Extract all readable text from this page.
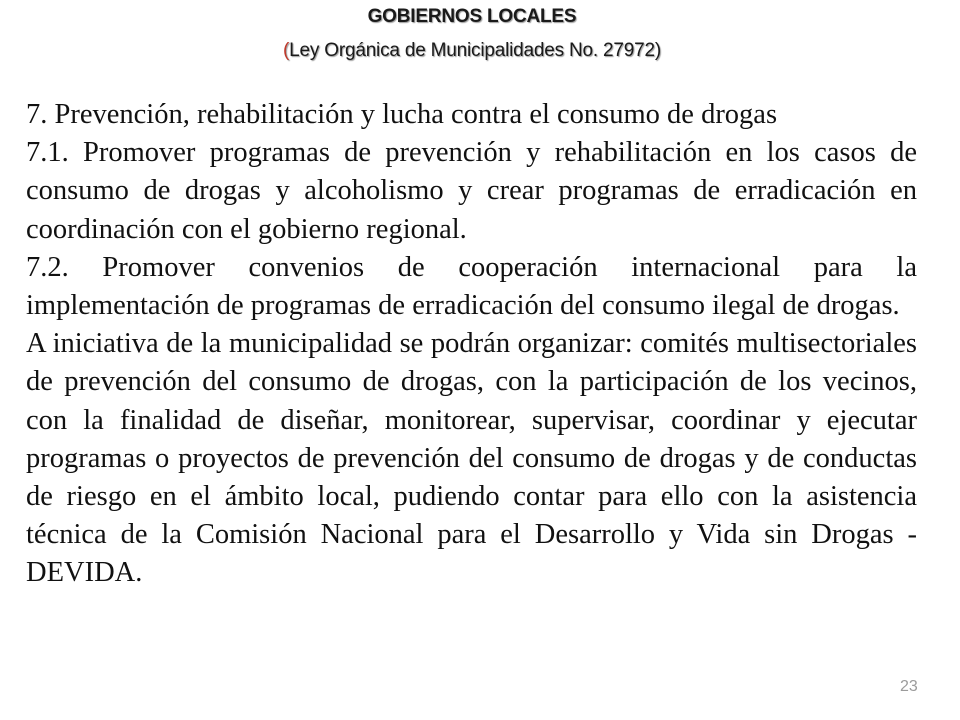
GOBIERNOS LOCALES
(Ley Orgánica de Municipalidades No. 27972)

7. Prevención, rehabilitación y lucha contra el consumo de drogas

7.1. Promover programas de prevención y rehabilitación en los casos de consumo de drogas y alcoholismo y crear programas de erradicación en coordinación con el gobierno regional.

7.2. Promover convenios de cooperación internacional para la implementación de programas de erradicación del consumo ilegal de drogas.

A iniciativa de la municipalidad se podrán organizar: comités multisectoriales de prevención del consumo de drogas, con la participación de los vecinos, con la finalidad de diseñar, monitorear, supervisar, coordinar y ejecutar programas o proyectos de prevención del consumo de drogas y de conductas de riesgo en el ámbito local, pudiendo contar para ello con la asistencia técnica de la Comisión Nacional para el Desarrollo y Vida sin Drogas - DEVIDA.

23
